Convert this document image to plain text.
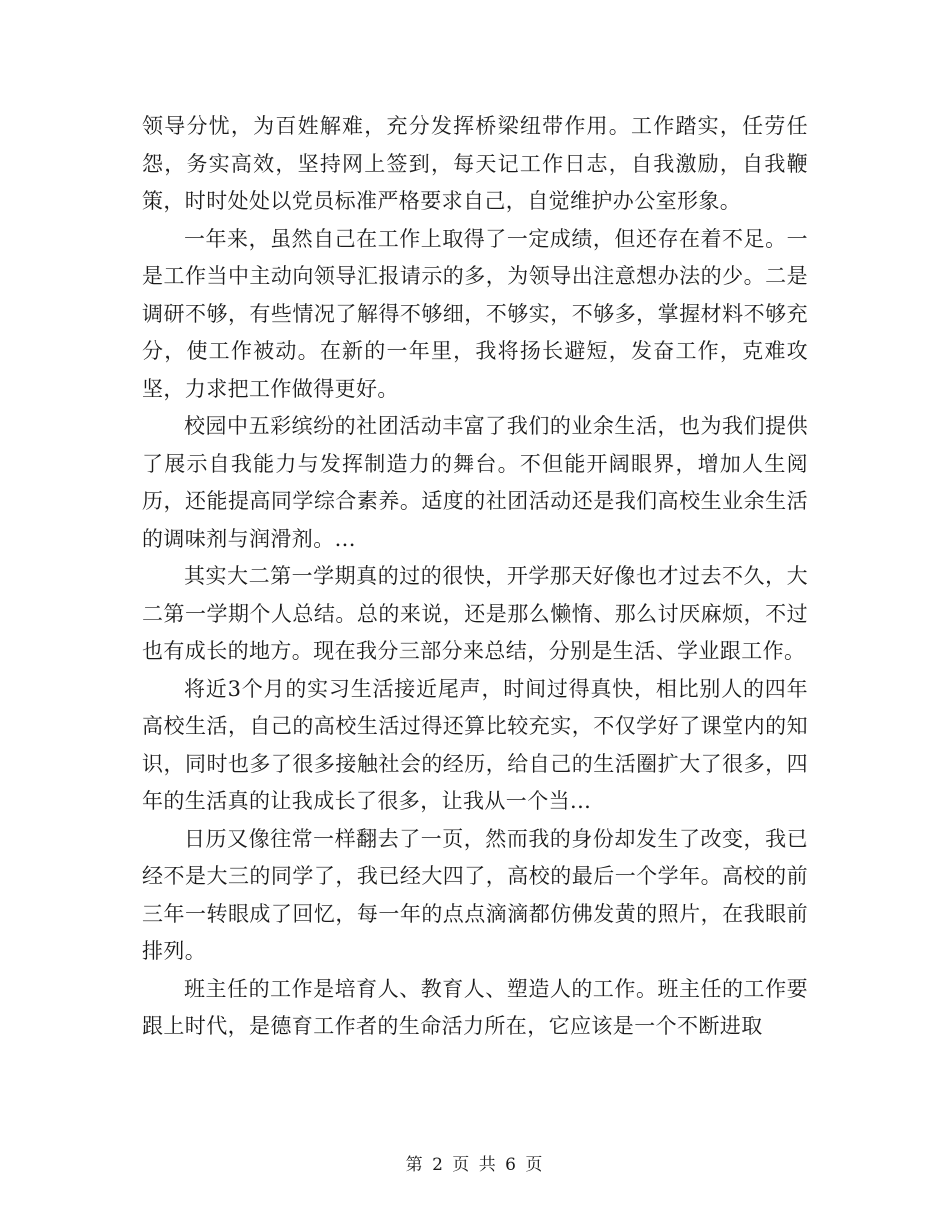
领导分忧，为百姓解难，充分发挥桥梁纽带作用。工作踏实，任劳任怨，务实高效，坚持网上签到，每天记工作日志，自我激励，自我鞭策，时时处处以党员标准严格要求自己，自觉维护办公室形象。

一年来，虽然自己在工作上取得了一定成绩，但还存在着不足。一是工作当中主动向领导汇报请示的多，为领导出注意想办法的少。二是调研不够，有些情况了解得不够细，不够实，不够多，掌握材料不够充分，使工作被动。在新的一年里，我将扬长避短，发奋工作，克难攻坚，力求把工作做得更好。

校园中五彩缤纷的社团活动丰富了我们的业余生活，也为我们提供了展示自我能力与发挥制造力的舞台。不但能开阔眼界，增加人生阅历，还能提高同学综合素养。适度的社团活动还是我们高校生业余生活的调味剂与润滑剂。...

其实大二第一学期真的过的很快，开学那天好像也才过去不久，大二第一学期个人总结。总的来说，还是那么懒惰、那么讨厌麻烦，不过也有成长的地方。现在我分三部分来总结，分别是生活、学业跟工作。

将近3个月的实习生活接近尾声，时间过得真快，相比别人的四年高校生活，自己的高校生活过得还算比较充实，不仅学好了课堂内的知识，同时也多了很多接触社会的经历，给自己的生活圈扩大了很多，四年的生活真的让我成长了很多，让我从一个当...

日历又像往常一样翻去了一页，然而我的身份却发生了改变，我已经不是大三的同学了，我已经大四了，高校的最后一个学年。高校的前三年一转眼成了回忆，每一年的点点滴滴都仿佛发黄的照片，在我眼前排列。

班主任的工作是培育人、教育人、塑造人的工作。班主任的工作要跟上时代，是德育工作者的生命活力所在，它应该是一个不断进取

第 2 页 共 6 页
